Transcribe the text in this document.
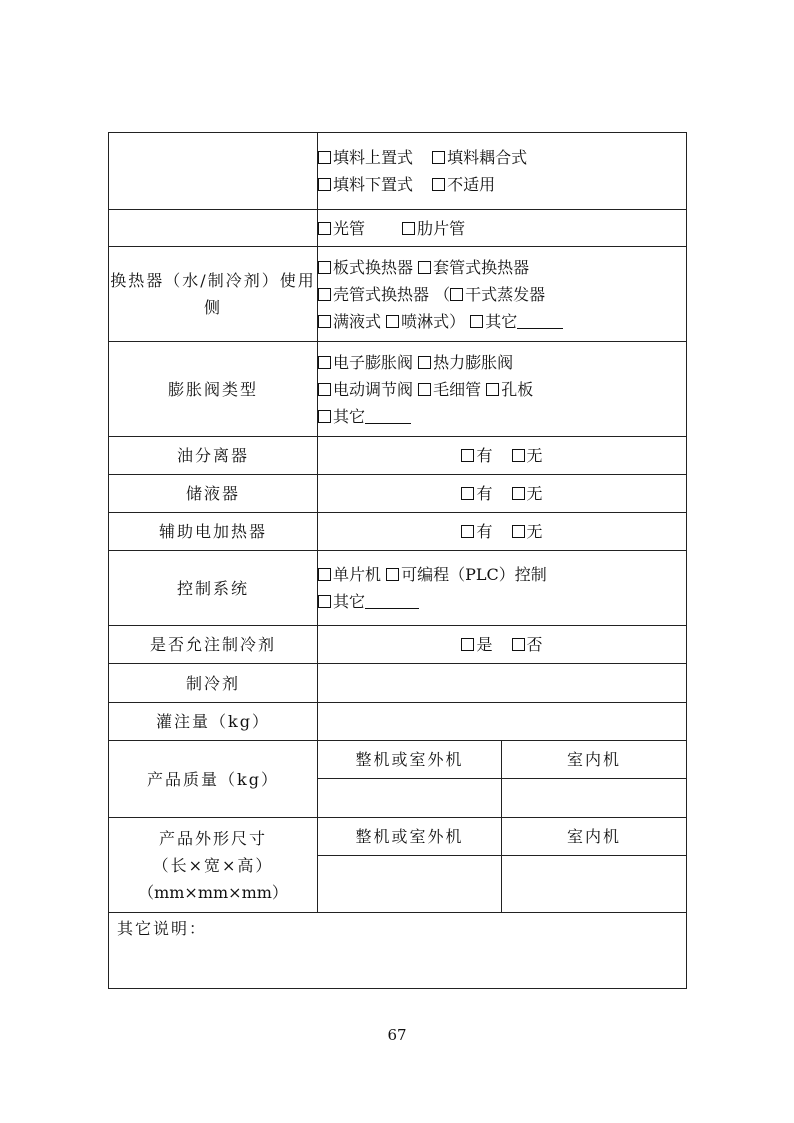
	填料上置式 填料耦合式
填料下置式 不适用	

	光管 肋片管	
换热器（水/制冷剂）使用侧	板式换热器 套管式换热器
壳管式换热器 （ 干式蒸发器
满液式 喷淋式） 其它	

膨胀阀类型	电子膨胀阀 热力膨胀阀
电动调节阀 毛细管 孔板
其它	

油分离器	有 无	
储液器	有 无	
辅助电加热器	有 无	
控制系统	单片机 可编程（PLC）控制
其它	

是否允注制冷剂	是 否	
制冷剂		
灌注量（kg）		
产品质量（kg）	整机或室外机	室内机

产品外形尺寸
（长×宽×高）
（mm×mm×mm）	整机或室外机	室内机

其它说明：		
67
